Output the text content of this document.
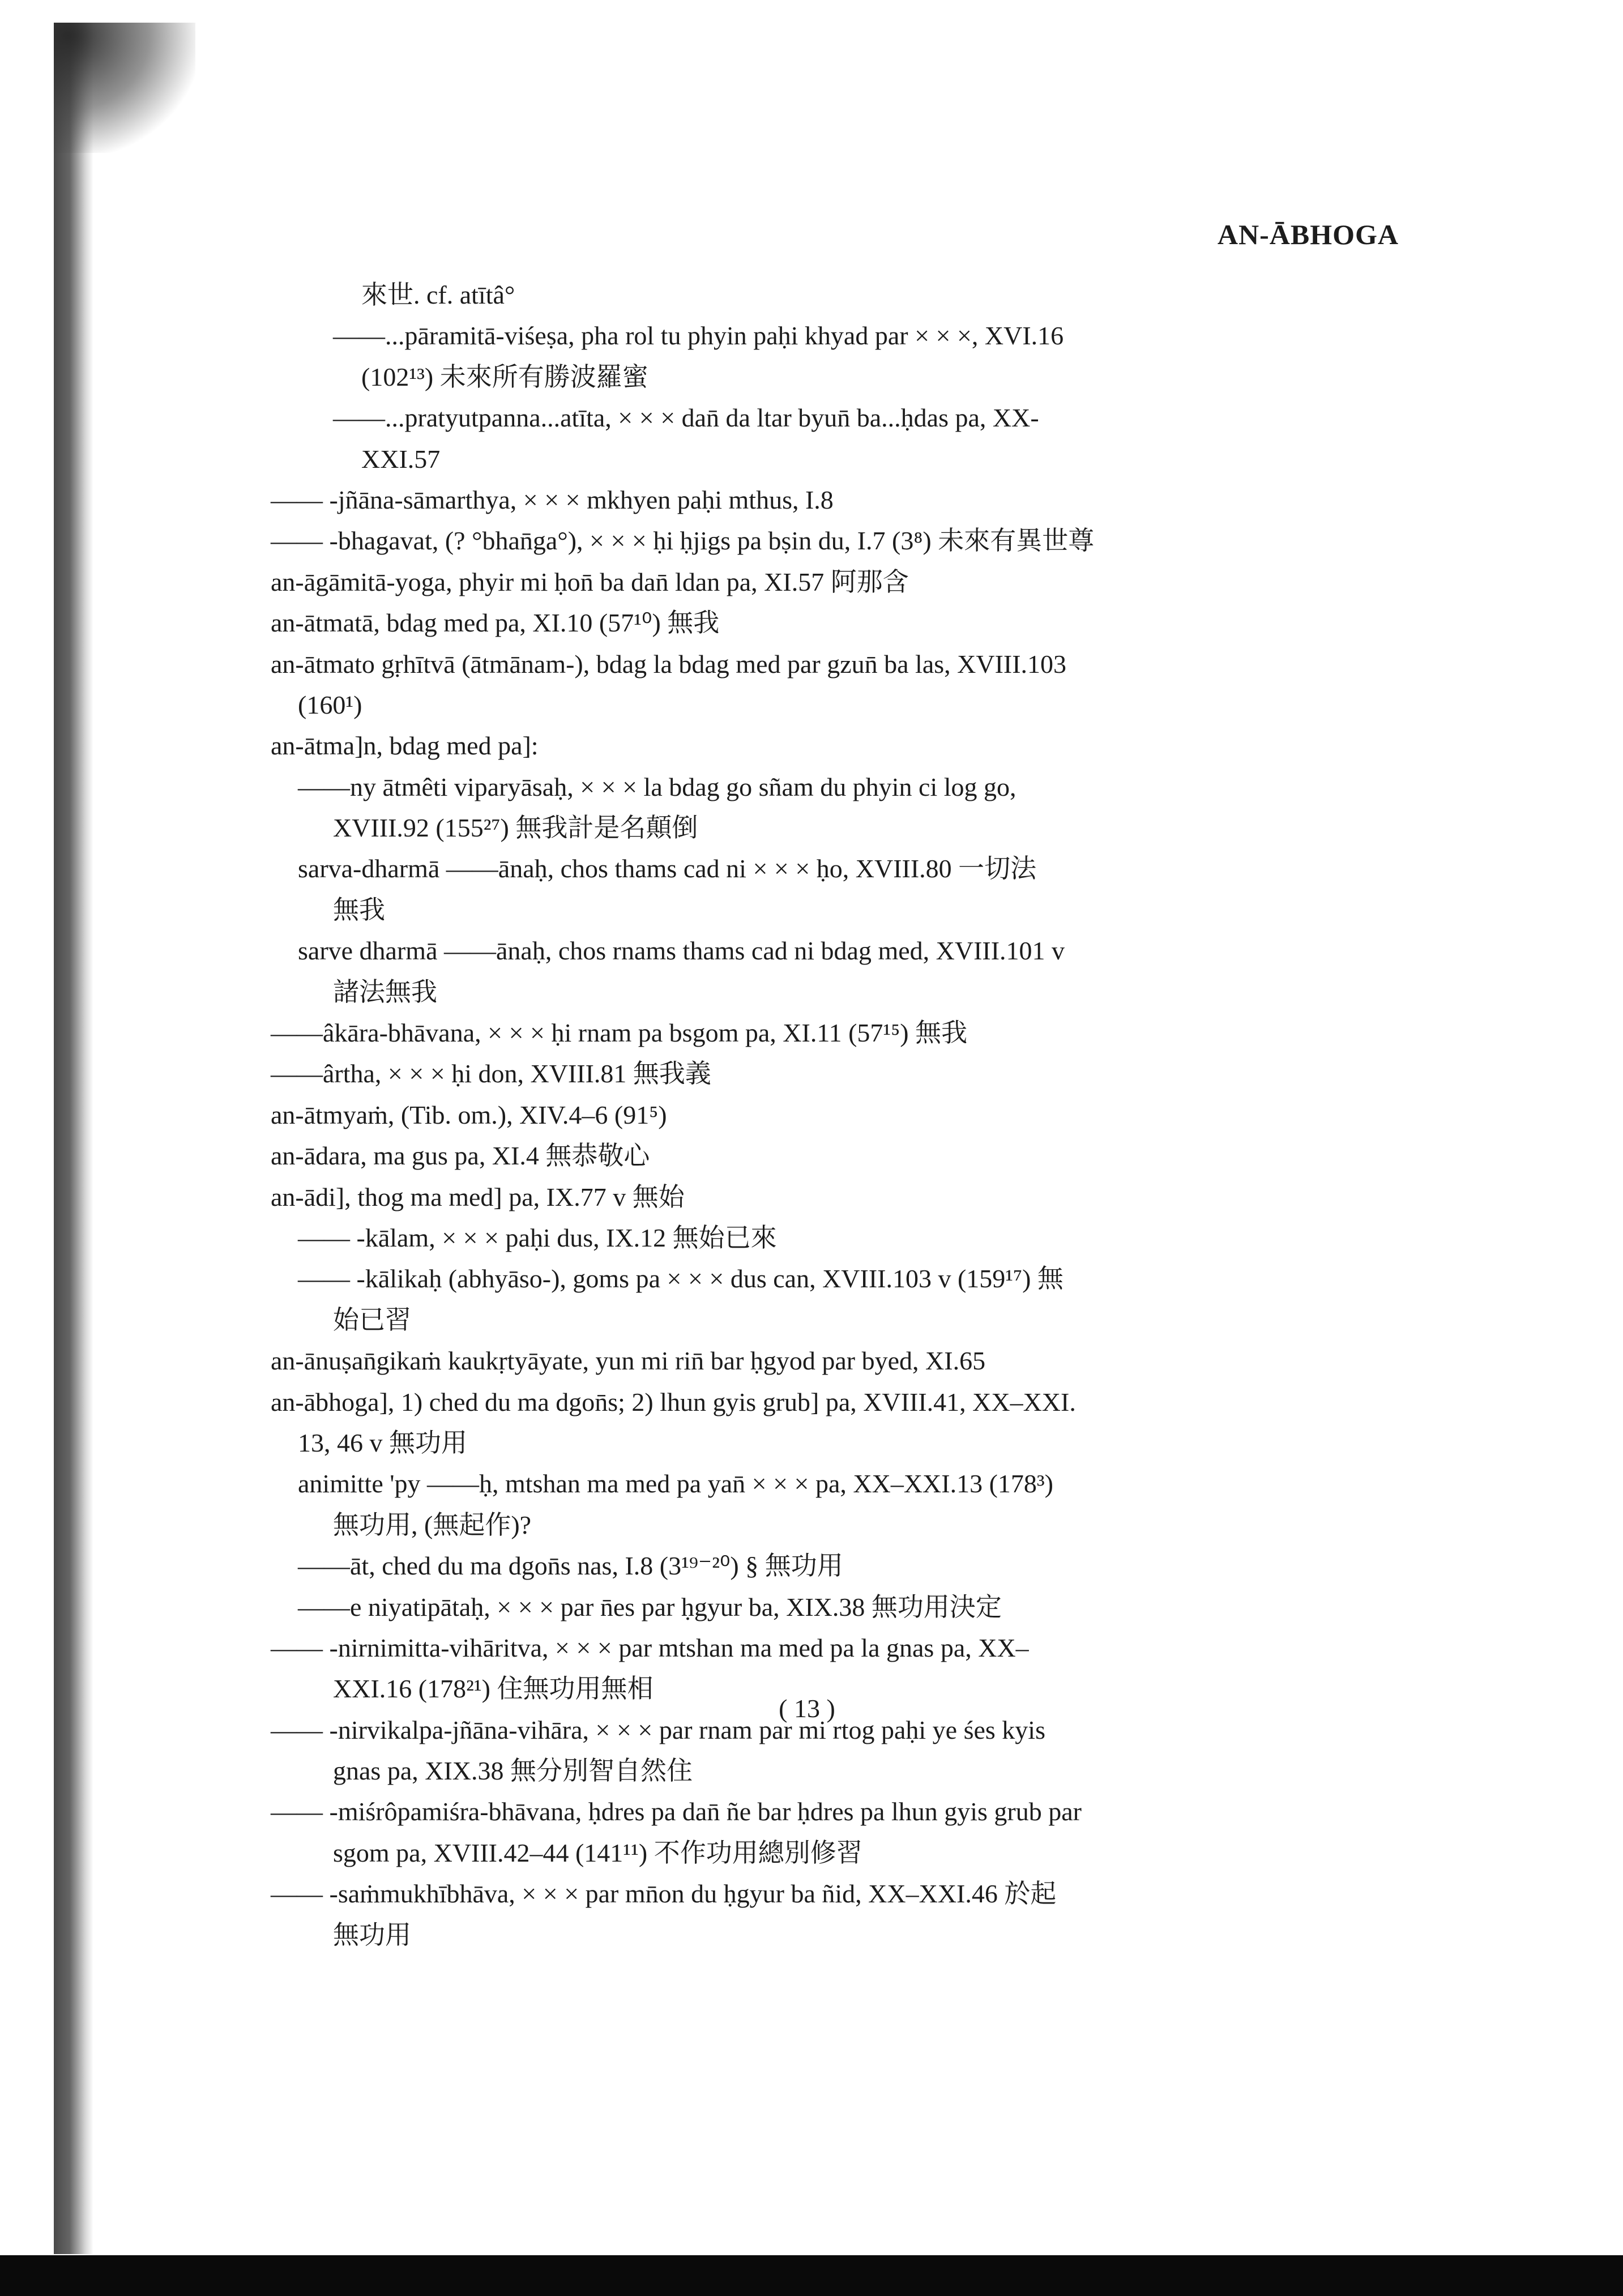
AN-ĀBHOGA
來世. cf. atītâ°
——...pāramitā-viśeṣa, pha rol tu phyin paḥi khyad par × × ×, XVI.16
(102¹³) 未來所有勝波羅蜜
——...pratyutpanna...atīta, × × × dan̄ da ltar byun̄ ba...ḥdas pa, XX-
XXI.57
—— -jñāna-sāmarthya, × × × mkhyen paḥi mthus, I.8
—— -bhagavat, (? °bhan̄ga°), × × × ḥi ḥjigs pa bṣin du, I.7 (3⁸) 未來有異世尊
an-āgāmitā-yoga, phyir mi ḥon̄ ba dan̄ ldan pa, XI.57 阿那含
an-ātmatā, bdag med pa, XI.10 (57¹⁰) 無我
an-ātmato gṛhītvā (ātmānam-), bdag la bdag med par gzun̄ ba las, XVIII.103
(160¹)
an-ātma]n, bdag med pa]:
——ny ātmêti viparyāsaḥ, × × × la bdag go sñam du phyin ci log go,
XVIII.92 (155²⁷) 無我計是名顛倒
sarva-dharmā ——ānaḥ, chos thams cad ni × × × ḥo, XVIII.80 一切法
無我
sarve dharmā ——ānaḥ, chos rnams thams cad ni bdag med, XVIII.101 v
諸法無我
——âkāra-bhāvana, × × × ḥi rnam pa bsgom pa, XI.11 (57¹⁵) 無我
——ârtha, × × × ḥi don, XVIII.81 無我義
an-ātmyaṁ, (Tib. om.), XIV.4–6 (91⁵)
an-ādara, ma gus pa, XI.4 無恭敬心
an-ādi], thog ma med] pa, IX.77 v 無始
—— -kālam, × × × paḥi dus, IX.12 無始已來
—— -kālikaḥ (abhyāso-), goms pa × × × dus can, XVIII.103 v (159¹⁷) 無
始已習
an-ānuṣan̄gikaṁ kaukṛtyāyate, yun mi rin̄ bar ḥgyod par byed, XI.65
an-ābhoga], 1) ched du ma dgon̄s; 2) lhun gyis grub] pa, XVIII.41, XX–XXI.
13, 46 v 無功用
animitte 'py ——ḥ, mtshan ma med pa yan̄ × × × pa, XX–XXI.13 (178³)
無功用, (無起作)?
——āt, ched du ma dgon̄s nas, I.8 (3¹⁹⁻²⁰) § 無功用
——e niyatipātaḥ, × × × par n̄es par ḥgyur ba, XIX.38 無功用決定
—— -nirnimitta-vihāritva, × × × par mtshan ma med pa la gnas pa, XX–
XXI.16 (178²¹) 住無功用無相
—— -nirvikalpa-jñāna-vihāra, × × × par rnam par mi rtog paḥi ye śes kyis
gnas pa, XIX.38 無分別智自然住
—— -miśrôpamiśra-bhāvana, ḥdres pa dan̄ ñe bar ḥdres pa lhun gyis grub par
sgom pa, XVIII.42–44 (141¹¹) 不作功用總別修習
—— -saṁmukhībhāva, × × × par mn̄on du ḥgyur ba ñid, XX–XXI.46 於起
無功用
( 13 )
